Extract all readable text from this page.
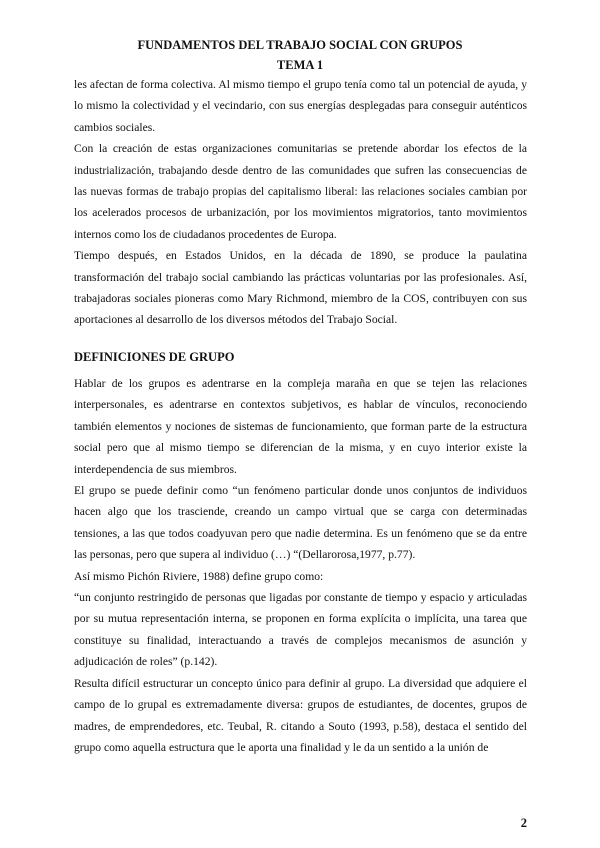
FUNDAMENTOS DEL TRABAJO SOCIAL CON GRUPOS
TEMA 1

les afectan de forma colectiva. Al mismo tiempo el grupo tenía como tal un potencial de ayuda, y lo mismo la colectividad y el vecindario, con sus energías desplegadas para conseguir auténticos cambios sociales.

Con la creación de estas organizaciones comunitarias se pretende abordar los efectos de la industrialización, trabajando desde dentro de las comunidades que sufren las consecuencias de las nuevas formas de trabajo propias del capitalismo liberal: las relaciones sociales cambian por los acelerados procesos de urbanización, por los movimientos migratorios, tanto movimientos internos como los de ciudadanos procedentes de Europa.

Tiempo después, en Estados Unidos, en la década de 1890, se produce la paulatina transformación del trabajo social cambiando las prácticas voluntarias por las profesionales. Así, trabajadoras sociales pioneras como Mary Richmond, miembro de la COS, contribuyen con sus aportaciones al desarrollo de los diversos métodos del Trabajo Social.

DEFINICIONES DE GRUPO

Hablar de los grupos es adentrarse en la compleja maraña en que se tejen las relaciones interpersonales, es adentrarse en contextos subjetivos, es hablar de vínculos, reconociendo también elementos y nociones de sistemas de funcionamiento, que forman parte de la estructura social pero que al mismo tiempo se diferencian de la misma, y en cuyo interior existe la interdependencia de sus miembros.

El grupo se puede definir como “un fenómeno particular donde unos conjuntos de individuos hacen algo que los trasciende, creando un campo virtual que se carga con determinadas tensiones, a las que todos coadyuvan pero que nadie determina. Es un fenómeno que se da entre las personas, pero que supera al individuo (…) “(Dellarorosa,1977, p.77).

Así mismo Pichón Riviere, 1988) define grupo como:

“un conjunto restringido de personas que ligadas por constante de tiempo y espacio y articuladas por su mutua representación interna, se proponen en forma explícita o implícita, una tarea que constituye su finalidad, interactuando a través de complejos mecanismos de asunción y adjudicación de roles” (p.142).

Resulta difícil estructurar un concepto único para definir al grupo. La diversidad que adquiere el campo de lo grupal es extremadamente diversa: grupos de estudiantes, de docentes, grupos de madres, de emprendedores, etc. Teubal, R. citando a Souto (1993, p.58), destaca el sentido del grupo como aquella estructura que le aporta una finalidad y le da un sentido a la unión de

2
